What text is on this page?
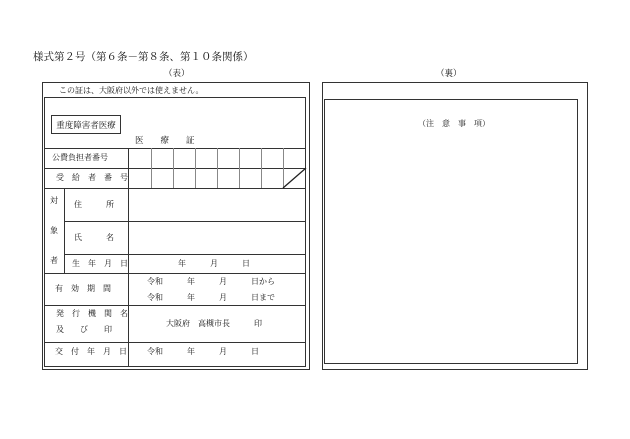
様式第２号（第６条－第８条、第１０条関係）
（表）	（裏）
この証は、大阪府以外では使えません。
重度障害者医療
医　　療　　証
公費負担者番号
受　給　者　番　号
対
象
者
住　　　所
氏　　　名
生　年　月　日	年　　　月　　　日
有　効　期　間
令和　　　年　　　月　　　日から
令和　　　年　　　月　　　日まで
発　行　機　関　名
及　　び　　印
大阪府　高槻市長　　　印
交　付　年　月　日	令和　　　年　　　月　　　日
（注　意　事　項）
